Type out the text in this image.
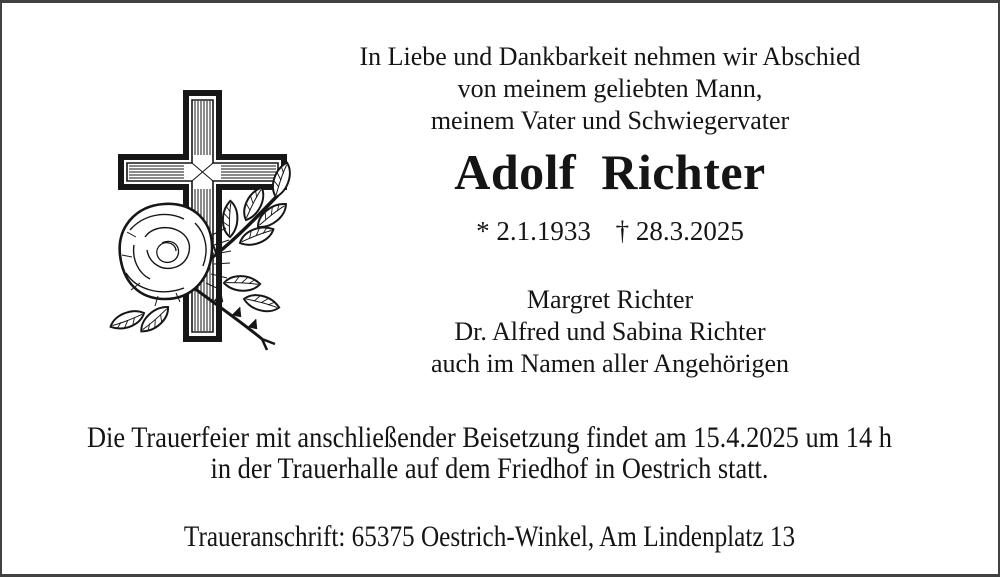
In Liebe und Dankbarkeit nehmen wir Abschied
von meinem geliebten Mann,
meinem Vater und Schwiegervater
Adolf Richter
* 2.1.1933 † 28.3.2025
Margret Richter
Dr. Alfred und Sabina Richter
auch im Namen aller Angehörigen
Die Trauerfeier mit anschließender Beisetzung findet am 15.4.2025 um 14 h
in der Trauerhalle auf dem Friedhof in Oestrich statt.
Traueranschrift: 65375 Oestrich-Winkel, Am Lindenplatz 13
